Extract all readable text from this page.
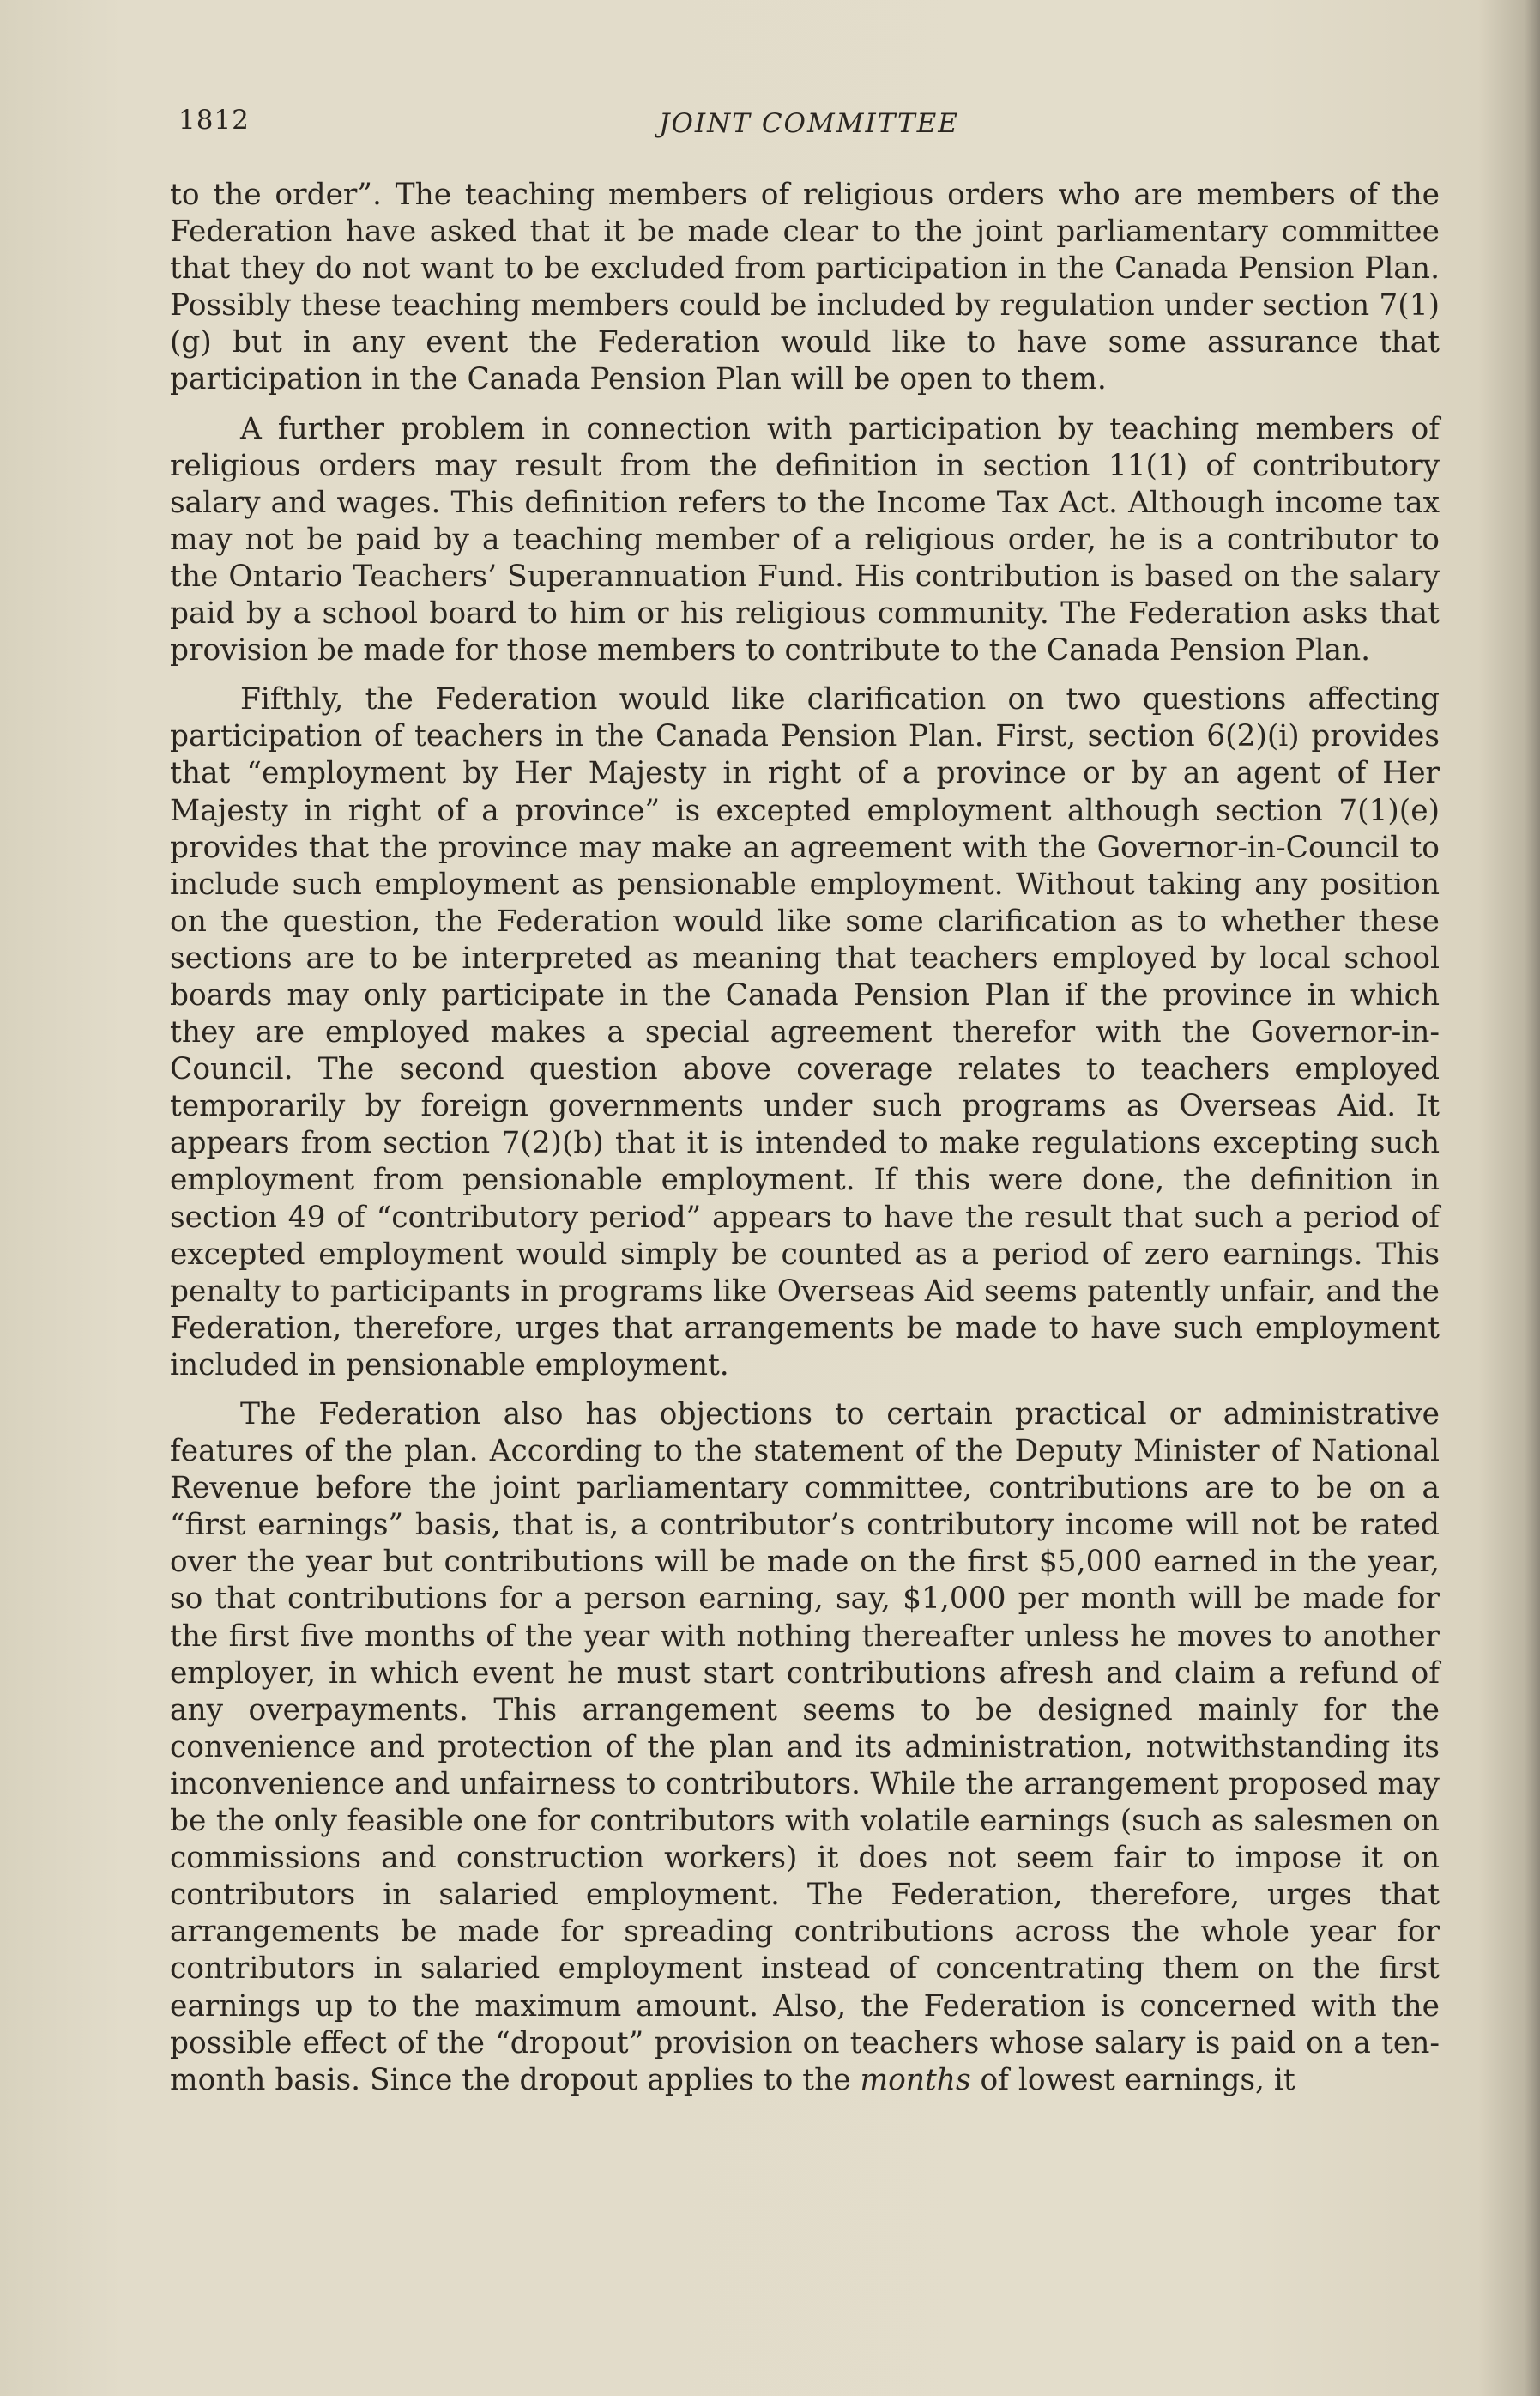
1812	JOINT COMMITTEE

to the order”. The teaching members of religious orders who are members of the Federation have asked that it be made clear to the joint parliamentary committee that they do not want to be excluded from participation in the Canada Pension Plan. Possibly these teaching members could be included by regulation under section 7(1)(g) but in any event the Federation would like to have some assurance that participation in the Canada Pension Plan will be open to them.

A further problem in connection with participation by teaching members of religious orders may result from the definition in section 11(1) of contributory salary and wages. This definition refers to the Income Tax Act. Although income tax may not be paid by a teaching member of a religious order, he is a contributor to the Ontario Teachers’ Superannuation Fund. His contribution is based on the salary paid by a school board to him or his religious community. The Federation asks that provision be made for those members to contribute to the Canada Pension Plan.

Fifthly, the Federation would like clarification on two questions affecting participation of teachers in the Canada Pension Plan. First, section 6(2)(i) provides that “employment by Her Majesty in right of a province or by an agent of Her Majesty in right of a province” is excepted employment although section 7(1)(e) provides that the province may make an agreement with the Governor-in-Council to include such employment as pensionable employment. Without taking any position on the question, the Federation would like some clarification as to whether these sections are to be interpreted as meaning that teachers employed by local school boards may only participate in the Canada Pension Plan if the province in which they are employed makes a special agreement therefor with the Governor-in-Council. The second question above coverage relates to teachers employed temporarily by foreign governments under such programs as Overseas Aid. It appears from section 7(2)(b) that it is intended to make regulations excepting such employment from pensionable employment. If this were done, the definition in section 49 of “contributory period” appears to have the result that such a period of excepted employment would simply be counted as a period of zero earnings. This penalty to participants in programs like Overseas Aid seems patently unfair, and the Federation, therefore, urges that arrangements be made to have such employment included in pensionable employment.

The Federation also has objections to certain practical or administrative features of the plan. According to the statement of the Deputy Minister of National Revenue before the joint parliamentary committee, contributions are to be on a “first earnings” basis, that is, a contributor’s contributory income will not be rated over the year but contributions will be made on the first $5,000 earned in the year, so that contributions for a person earning, say, $1,000 per month will be made for the first five months of the year with nothing thereafter unless he moves to another employer, in which event he must start contributions afresh and claim a refund of any overpayments. This arrangement seems to be designed mainly for the convenience and protection of the plan and its administration, notwithstanding its inconvenience and unfairness to contributors. While the arrangement proposed may be the only feasible one for contributors with volatile earnings (such as salesmen on commissions and construction workers) it does not seem fair to impose it on contributors in salaried employment. The Federation, therefore, urges that arrangements be made for spreading contributions across the whole year for contributors in salaried employment instead of concentrating them on the first earnings up to the maximum amount. Also, the Federation is concerned with the possible effect of the “dropout” provision on teachers whose salary is paid on a ten-month basis. Since the dropout applies to the months of lowest earnings, it
